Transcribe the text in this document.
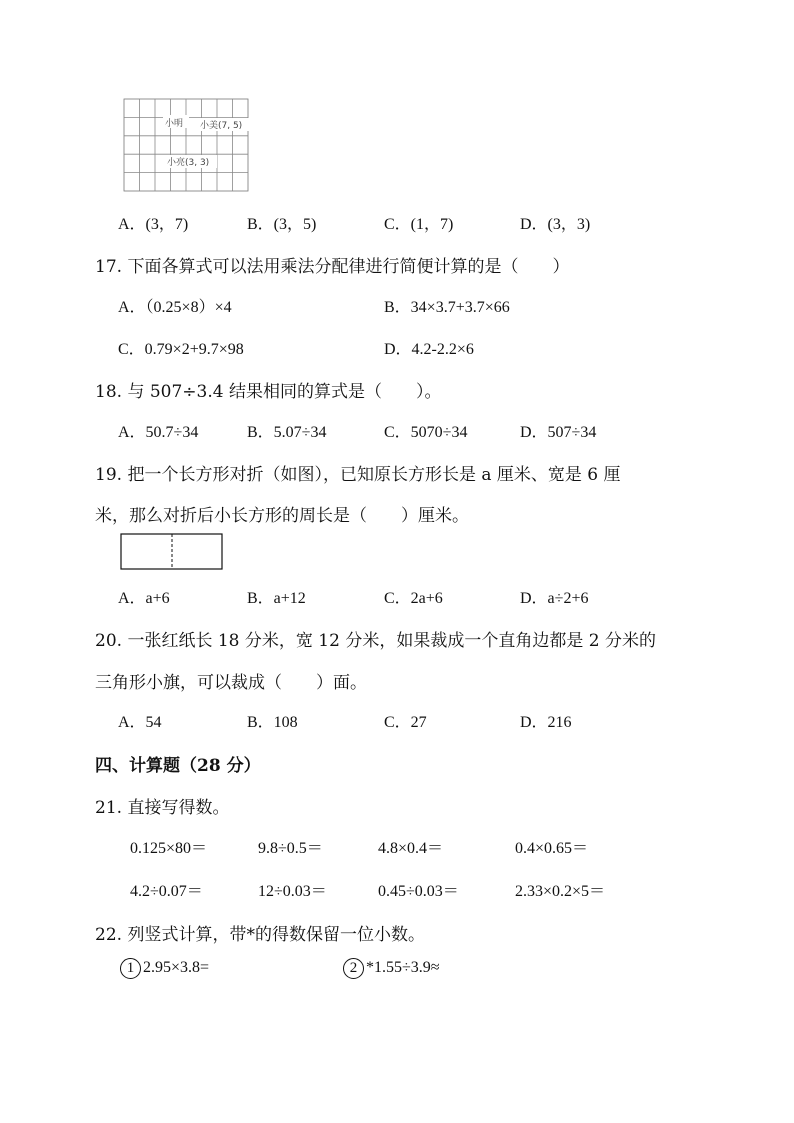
小明 小美(7, 5)
小亮(3, 3)
A．(3，7)	B．(3，5)	C．(1，7)	D．(3，3)
17. 下面各算式可以法用乘法分配律进行简便计算的是（　　）
A．（0.25×8）×4	B．34×3.7+3.7×66
C．0.79×2+9.7×98	D．4.2-2.2×6
18. 与 507÷3.4 结果相同的算式是（　　）。
A．50.7÷34	B．5.07÷34	C．5070÷34	D．507÷34
19. 把一个长方形对折（如图），已知原长方形长是 a 厘米、宽是 6 厘
米，那么对折后小长方形的周长是（　　）厘米。
A．a+6	B．a+12	C．2a+6	D．a÷2+6
20. 一张红纸长 18 分米，宽 12 分米，如果裁成一个直角边都是 2 分米的
三角形小旗，可以裁成（　　）面。
A．54	B．108	C．27	D．216
四、计算题（28 分）
21. 直接写得数。
0.125×80＝	9.8÷0.5＝	4.8×0.4＝	0.4×0.65＝
4.2÷0.07＝	12÷0.03＝	0.45÷0.03＝	2.33×0.2×5＝
22. 列竖式计算，带*的得数保留一位小数。
1 2.95×3.8=	2 *1.55÷3.9≈
